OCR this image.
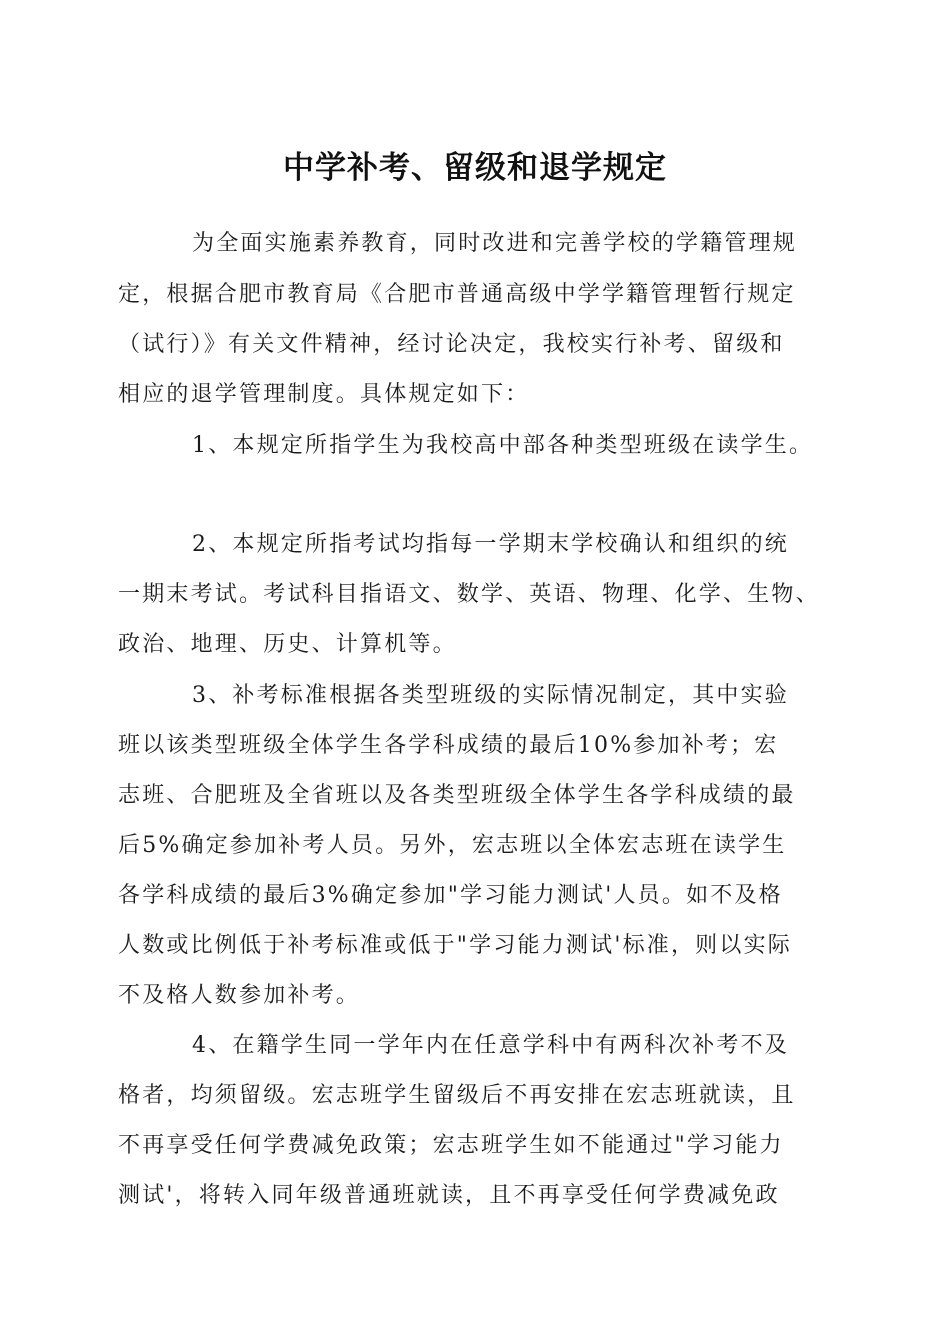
中学补考、留级和退学规定
为全面实施素养教育，同时改进和完善学校的学籍管理规
定，根据合肥市教育局《合肥市普通高级中学学籍管理暂行规定
（试行）》有关文件精神，经讨论决定，我校实行补考、留级和
相应的退学管理制度。具体规定如下：
1、本规定所指学生为我校高中部各种类型班级在读学生。
2、本规定所指考试均指每一学期末学校确认和组织的统
一期末考试。考试科目指语文、数学、英语、物理、化学、生物、
政治、地理、历史、计算机等。
3、补考标准根据各类型班级的实际情况制定，其中实验
班以该类型班级全体学生各学科成绩的最后10%参加补考；宏
志班、合肥班及全省班以及各类型班级全体学生各学科成绩的最
后5%确定参加补考人员。另外，宏志班以全体宏志班在读学生
各学科成绩的最后3%确定参加"学习能力测试'人员。如不及格
人数或比例低于补考标准或低于"学习能力测试'标准，则以实际
不及格人数参加补考。
4、在籍学生同一学年内在任意学科中有两科次补考不及
格者，均须留级。宏志班学生留级后不再安排在宏志班就读，且
不再享受任何学费减免政策；宏志班学生如不能通过"学习能力
测试'，将转入同年级普通班就读，且不再享受任何学费减免政
